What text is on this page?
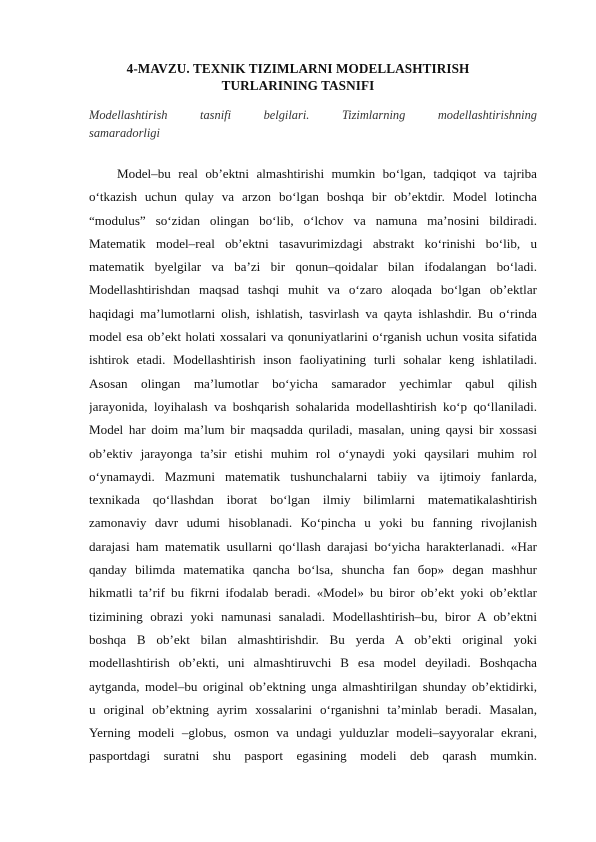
4-MAVZU. TEXNIK TIZIMLARNI MODELLASHTIRISH
TURLARINING TASNIFI
Modellashtirish	tasnifi	belgilari.	Tizimlarning	modellashtirishning
samaradorligi
Model–bu real ob’ektni almashtirishi mumkin bo‘lgan, tadqiqot va tajriba
o‘tkazish uchun qulay va arzon bo‘lgan boshqa bir ob’ektdir. Model lotincha
“modulus” so‘zidan olingan bo‘lib, o‘lchov va namuna ma’nosini bildiradi.
Matematik model–real ob’ektni tasavurimizdagi abstrakt ko‘rinishi bo‘lib, u
matematik byelgilar va ba’zi bir qonun–qoidalar bilan ifodalangan bo‘ladi.
Modellashtirishdan maqsad tashqi muhit va o‘zaro aloqada bo‘lgan ob’ektlar
haqidagi ma’lumotlarni olish, ishlatish, tasvirlash va qayta ishlashdir. Bu o‘rinda
model esa ob’ekt holati xossalari va qonuniyatlarini o‘rganish uchun vosita sifatida
ishtirok etadi. Modellashtirish inson faoliyatining turli sohalar keng ishlatiladi.
Asosan olingan ma’lumotlar bo‘yicha samarador yechimlar qabul qilish
jarayonida, loyihalash va boshqarish sohalarida modellashtirish ko‘p qo‘llaniladi.
Model har doim ma’lum bir maqsadda quriladi, masalan, uning qaysi bir xossasi
ob’ektiv jarayonga ta’sir etishi muhim rol o‘ynaydi yoki qaysilari muhim rol
o‘ynamaydi. Mazmuni matematik tushunchalarni tabiiy va ijtimoiy fanlarda,
texnikada qo‘llashdan iborat bo‘lgan ilmiy bilimlarni matematikalashtirish
zamonaviy davr udumi hisoblanadi. Ko‘pincha u yoki bu fanning rivojlanish
darajasi ham matematik usullarni qo‘llash darajasi bo‘yicha harakterlanadi. «Har
qanday bilimda matematika qancha bo‘lsa, shuncha fan бор» degan mashhur
hikmatli ta’rif bu fikrni ifodalab beradi. «Model» bu biror ob’ekt yoki ob’ektlar
tizimining obrazi yoki namunasi sanaladi. Modellashtirish–bu, biror A ob’ektni
boshqa B ob’ekt bilan almashtirishdir. Bu yerda A ob’ekti original yoki
modellashtirish ob’ekti, uni almashtiruvchi B esa model deyiladi. Boshqacha
aytganda, model–bu original ob’ektning unga almashtirilgan shunday ob’ektidirki,
u original ob’ektning ayrim xossalarini o‘rganishni ta’minlab beradi. Masalan,
Yerning modeli –globus, osmon va undagi yulduzlar modeli–sayyoralar ekrani,
pasportdagi suratni shu pasport egasining modeli deb qarash mumkin.
